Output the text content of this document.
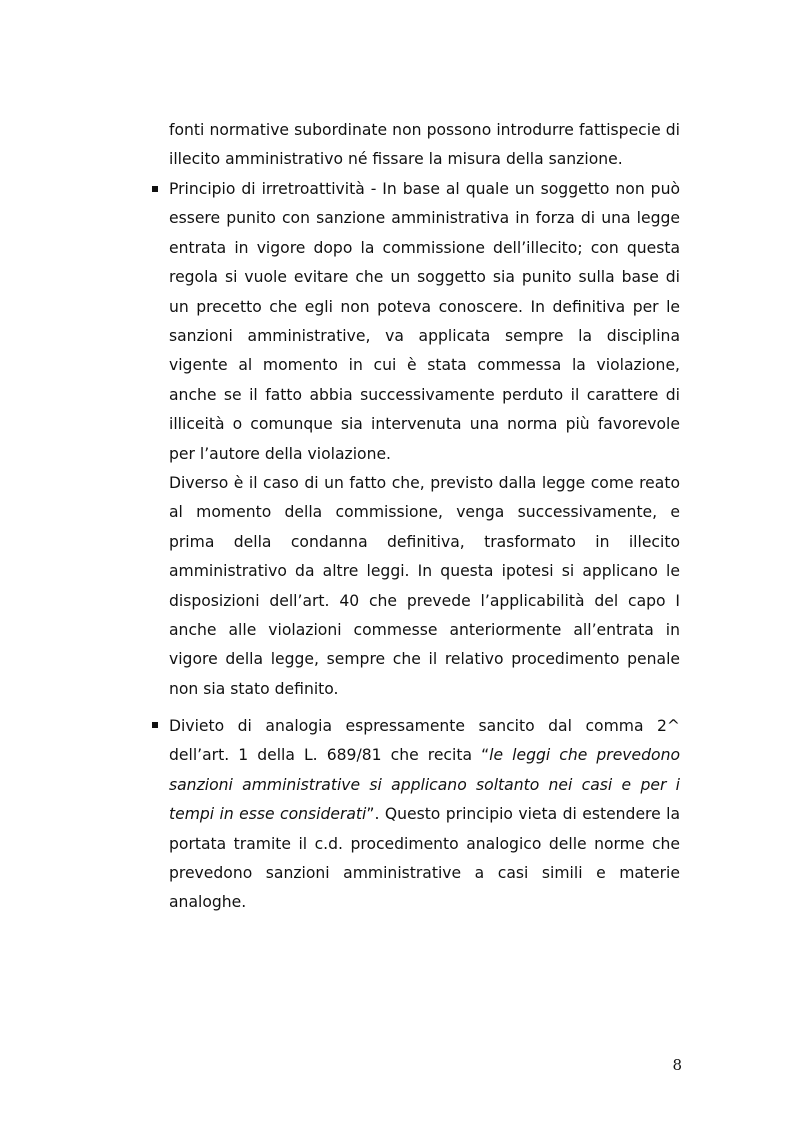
fonti normative subordinate non possono introdurre fattispecie di illecito amministrativo né fissare la misura della sanzione.

Principio di irretroattività - In base al quale un soggetto non può essere punito con sanzione amministrativa in forza di una legge entrata in vigore dopo la commissione dell’illecito; con questa regola si vuole evitare che un soggetto sia punito sulla base di un precetto che egli non poteva conoscere. In definitiva per le sanzioni amministrative, va applicata sempre la disciplina vigente al momento in cui è stata commessa la violazione, anche se il fatto abbia successivamente perduto il carattere di illiceità o comunque sia intervenuta una norma più favorevole per l’autore della violazione.

Diverso è il caso di un fatto che, previsto dalla legge come reato al momento della commissione, venga successivamente, e prima della condanna definitiva, trasformato in illecito amministrativo da altre leggi. In questa ipotesi si applicano le disposizioni dell’art. 40 che prevede l’applicabilità del capo I anche alle violazioni commesse anteriormente all’entrata in vigore della legge, sempre che il relativo procedimento penale non sia stato definito.

Divieto di analogia espressamente sancito dal comma 2^ dell’art. 1 della L. 689/81 che recita “le leggi che prevedono sanzioni amministrative si applicano soltanto nei casi e per i tempi in esse considerati”. Questo principio vieta di estendere la portata tramite il c.d. procedimento analogico delle norme che prevedono sanzioni amministrative a casi simili e materie analoghe.

8
